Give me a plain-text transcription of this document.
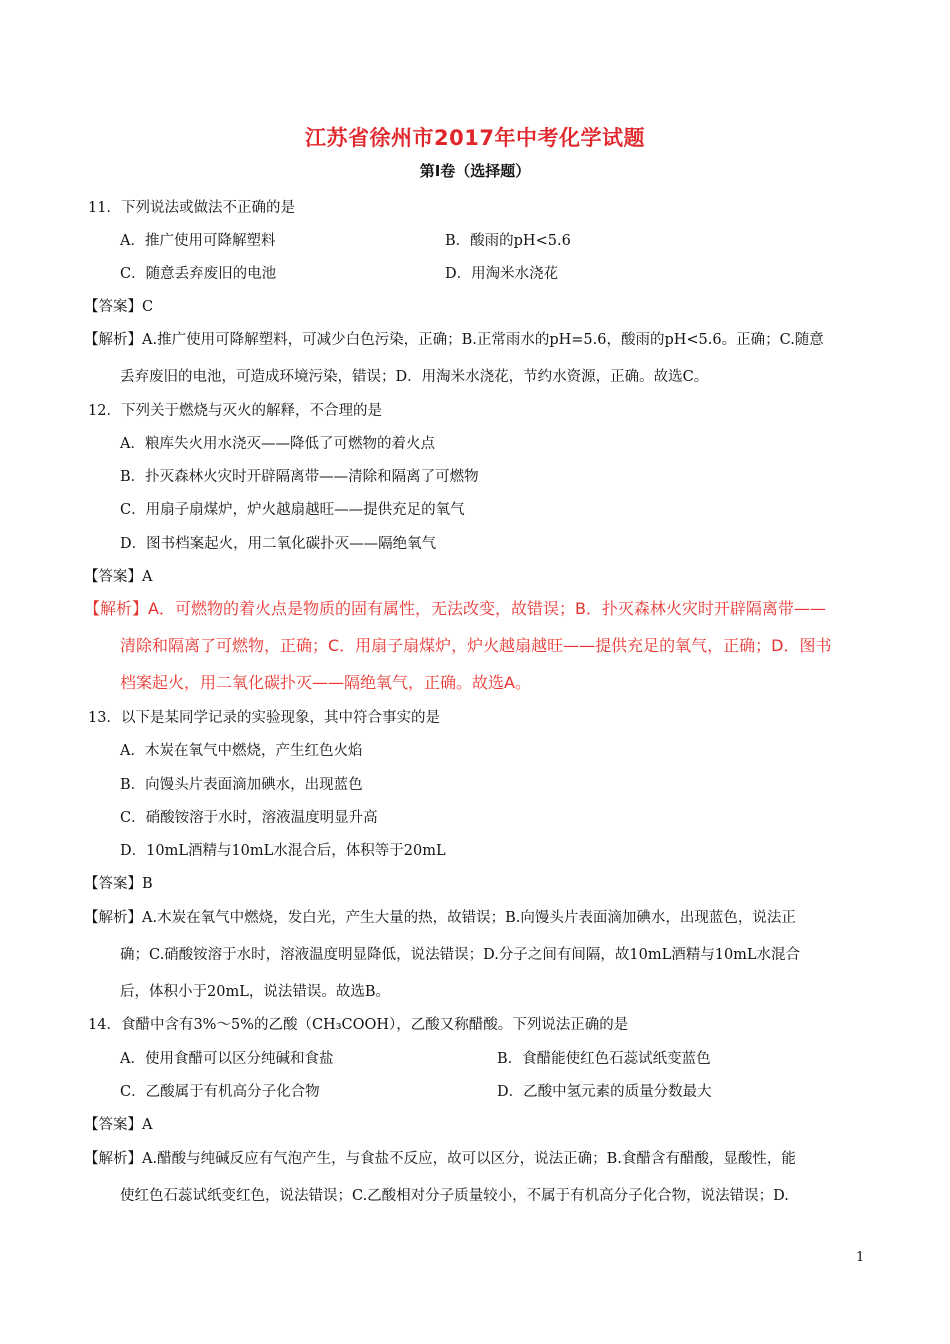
江苏省徐州市2017年中考化学试题
第Ⅰ卷（选择题）
11．下列说法或做法不正确的是
A．推广使用可降解塑料	B．酸雨的pH<5.6
C．随意丢弃废旧的电池	D．用淘米水浇花
【答案】C
【解析】A.推广使用可降解塑料，可减少白色污染，正确；B.正常雨水的pH=5.6，酸雨的pH<5.6。正确；C.随意
丢弃废旧的电池，可造成环境污染，错误；D．用淘米水浇花，节约水资源，正确。故选C。
12．下列关于燃烧与灭火的解释，不合理的是
A．粮库失火用水浇灭——降低了可燃物的着火点
B．扑灭森林火灾时开辟隔离带——清除和隔离了可燃物
C．用扇子扇煤炉，炉火越扇越旺——提供充足的氧气
D．图书档案起火，用二氧化碳扑灭——隔绝氧气
【答案】A
【解析】A．可燃物的着火点是物质的固有属性，无法改变，故错误；B．扑灭森林火灾时开辟隔离带——
清除和隔离了可燃物，正确；C．用扇子扇煤炉，炉火越扇越旺——提供充足的氧气，正确；D．图书
档案起火，用二氧化碳扑灭——隔绝氧气，正确。故选A。
13．以下是某同学记录的实验现象，其中符合事实的是
A．木炭在氧气中燃烧，产生红色火焰
B．向馒头片表面滴加碘水，出现蓝色
C．硝酸铵溶于水时，溶液温度明显升高
D．10mL酒精与10mL水混合后，体积等于20mL
【答案】B
【解析】A.木炭在氧气中燃烧，发白光，产生大量的热，故错误；B.向馒头片表面滴加碘水，出现蓝色，说法正
确；C.硝酸铵溶于水时，溶液温度明显降低，说法错误；D.分子之间有间隔，故10mL酒精与10mL水混合
后，体积小于20mL，说法错误。故选B。
14．食醋中含有3%～5%的乙酸（CH₃COOH），乙酸又称醋酸。下列说法正确的是
A．使用食醋可以区分纯碱和食盐	B．食醋能使红色石蕊试纸变蓝色
C．乙酸属于有机高分子化合物	D．乙酸中氢元素的质量分数最大
【答案】A
【解析】A.醋酸与纯碱反应有气泡产生，与食盐不反应，故可以区分，说法正确；B.食醋含有醋酸，显酸性，能
使红色石蕊试纸变红色，说法错误；C.乙酸相对分子质量较小，不属于有机高分子化合物，说法错误；D.
1
